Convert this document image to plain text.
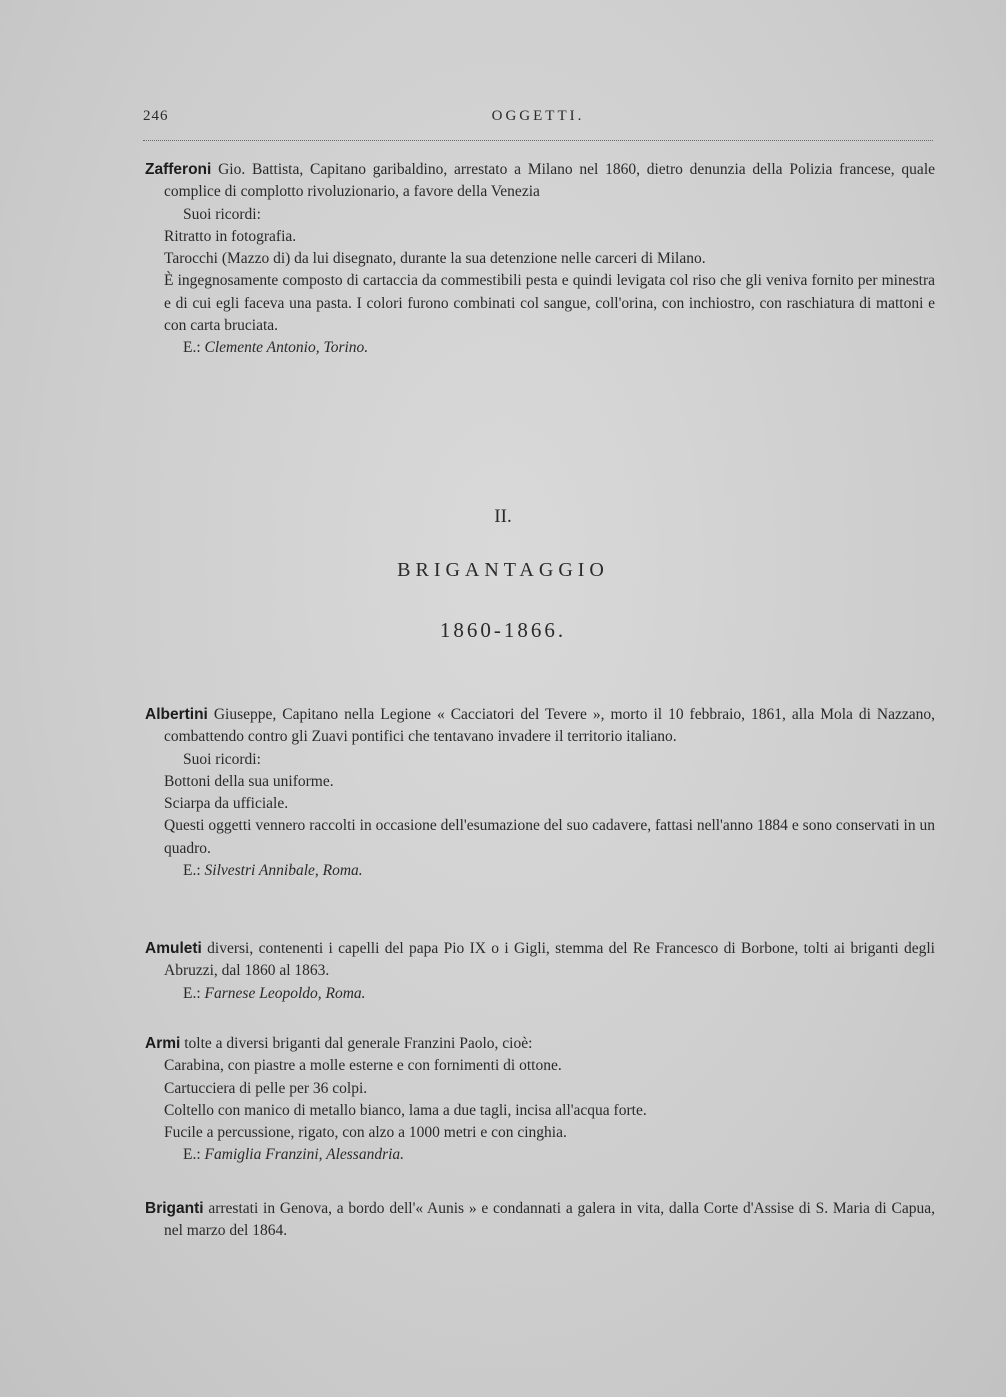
246	OGGETTI.

Zafferoni Gio. Battista, Capitano garibaldino, arrestato a Milano nel 1860, dietro denunzia della Polizia francese, quale complice di complotto rivoluzionario, a favore della Venezia

Suoi ricordi:

Ritratto in fotografia.

Tarocchi (Mazzo di) da lui disegnato, durante la sua detenzione nelle carceri di Milano.

È ingegnosamente composto di cartaccia da commestibili pesta e quindi levigata col riso che gli veniva fornito per minestra e di cui egli faceva una pasta. I colori furono combinati col sangue, coll'orina, con inchiostro, con raschiatura di mattoni e con carta bruciata.

E.: Clemente Antonio, Torino.

II.
BRIGANTAGGIO
1860-1866.

Albertini Giuseppe, Capitano nella Legione « Cacciatori del Tevere », morto il 10 febbraio, 1861, alla Mola di Nazzano, combattendo contro gli Zuavi pontifici che tentavano invadere il territorio italiano.

Suoi ricordi:

Bottoni della sua uniforme.

Sciarpa da ufficiale.

Questi oggetti vennero raccolti in occasione dell'esumazione del suo cadavere, fattasi nell'anno 1884 e sono conservati in un quadro.

E.: Silvestri Annibale, Roma.

Amuleti diversi, contenenti i capelli del papa Pio IX o i Gigli, stemma del Re Francesco di Borbone, tolti ai briganti degli Abruzzi, dal 1860 al 1863.

E.: Farnese Leopoldo, Roma.

Armi tolte a diversi briganti dal generale Franzini Paolo, cioè:

Carabina, con piastre a molle esterne e con fornimenti di ottone.

Cartucciera di pelle per 36 colpi.

Coltello con manico di metallo bianco, lama a due tagli, incisa all'acqua forte.

Fucile a percussione, rigato, con alzo a 1000 metri e con cinghia.

E.: Famiglia Franzini, Alessandria.

Briganti arrestati in Genova, a bordo dell'« Aunis » e condannati a galera in vita, dalla Corte d'Assise di S. Maria di Capua, nel marzo del 1864.
